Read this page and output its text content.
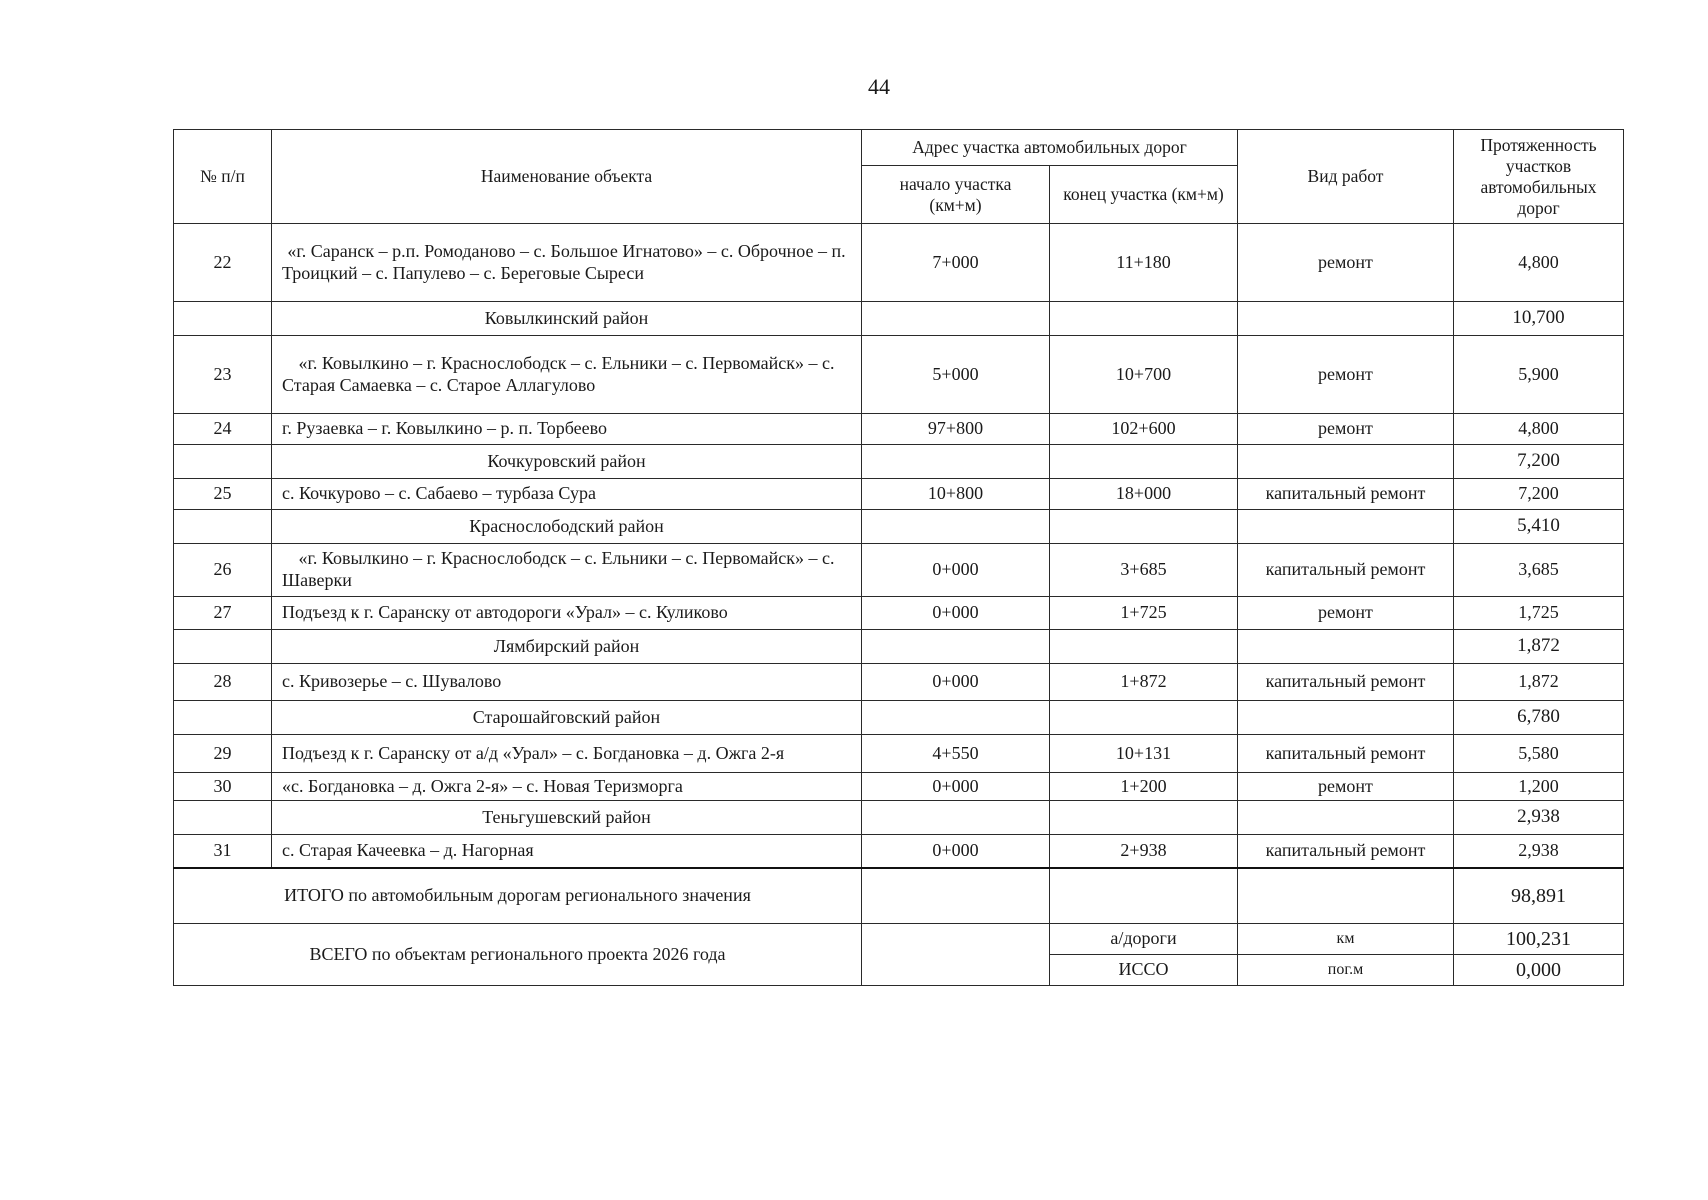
44
№ п/п	Наименование объекта	Адрес участка автомобильных дорог		Вид работ	Протяженность участков автомобильных дорог
		начало участка (км+м)	конец участка (км+м)		
22	«г. Саранск – р.п. Ромоданово – с. Большое Игнатово» – с. Оброчное – п. Троицкий – с. Папулево – с. Береговые Сыреси	7+000	11+180	ремонт	4,800
	Ковылкинский район				10,700
23	«г. Ковылкино – г. Краснослободск – с. Ельники – с. Первомайск» – с. Старая Самаевка – с. Старое Аллагулово	5+000	10+700	ремонт	5,900
24	г. Рузаевка – г. Ковылкино – р. п. Торбеево	97+800	102+600	ремонт	4,800
	Кочкуровский район				7,200
25	с. Кочкурово – с. Сабаево – турбаза Сура	10+800	18+000	капитальный ремонт	7,200
	Краснослободский район				5,410
26	«г. Ковылкино – г. Краснослободск – с. Ельники – с. Первомайск» – с. Шаверки	0+000	3+685	капитальный ремонт	3,685
27	Подъезд к г. Саранску от автодороги «Урал» – с. Куликово	0+000	1+725	ремонт	1,725
	Лямбирский район				1,872
28	с. Кривозерье – с. Шувалово	0+000	1+872	капитальный ремонт	1,872
	Старошайговский район				6,780
29	Подъезд к г. Саранску от а/д «Урал» – с. Богдановка – д. Ожга 2-я	4+550	10+131	капитальный ремонт	5,580
30	«с. Богдановка – д. Ожга 2-я» – с. Новая Теризморга	0+000	1+200	ремонт	1,200
	Теньгушевский район				2,938
31	с. Старая Качеевка – д. Нагорная	0+000	2+938	капитальный ремонт	2,938
ИТОГО по автомобильным дорогам регионального значения					98,891
ВСЕГО по объектам регионального проекта 2026 года			а/дороги	км	100,231
			ИССО	пог.м	0,000
